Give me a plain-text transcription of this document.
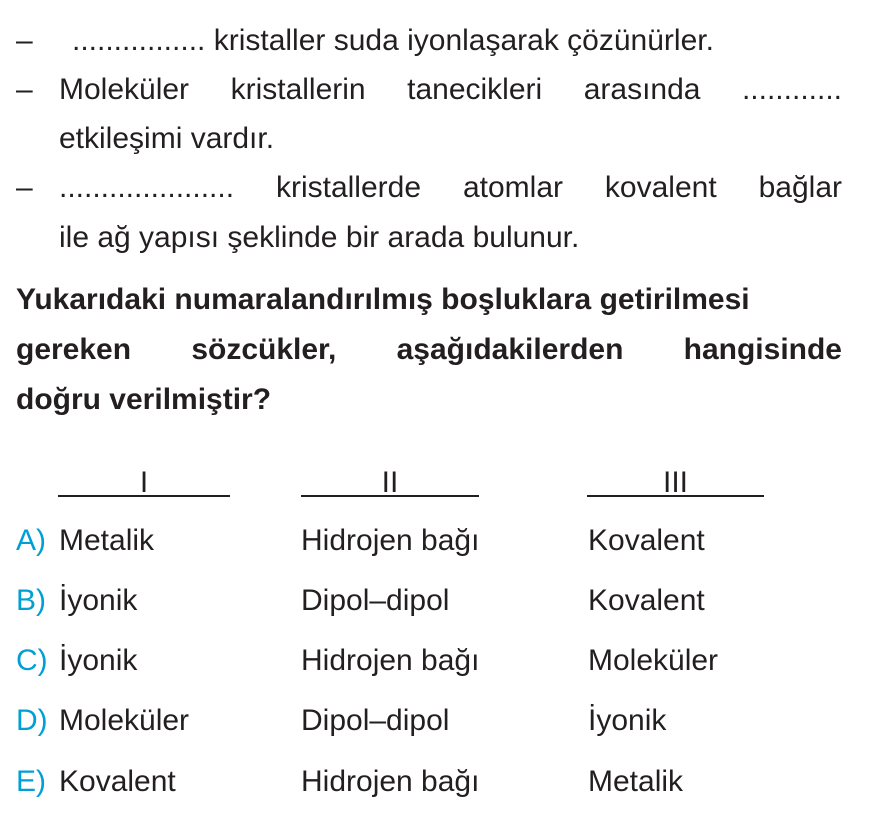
– ................ kristaller suda iyonlaşarak çözünürler.
– Moleküler kristallerin tanecikleri arasında ............
etkileşimi vardır.
– ..................... kristallerde atomlar kovalent bağlar
ile ağ yapısı şeklinde bir arada bulunur.
Yukarıdaki numaralandırılmış boşluklara getirilmesi
gereken sözcükler, aşağıdakilerden hangisinde
doğru verilmiştir?
I	II	III
A) Metalik	Hidrojen bağı	Kovalent
B) İyonik	Dipol–dipol	Kovalent
C) İyonik	Hidrojen bağı	Moleküler
D) Moleküler	Dipol–dipol	İyonik
E) Kovalent	Hidrojen bağı	Metalik
